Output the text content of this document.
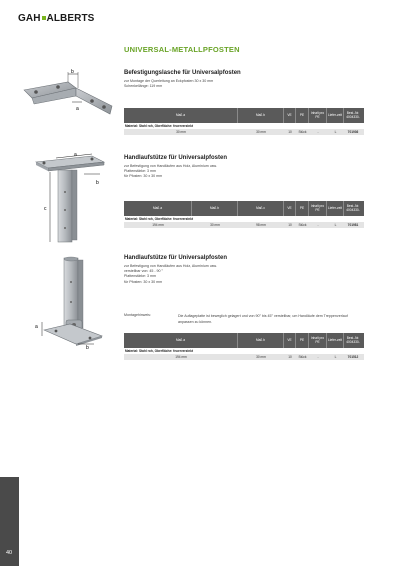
GAH ALBERTS
UNIVERSAL-METALLPFOSTEN
b
a
Befestigungslasche für Universalpfosten
zur Montage der Querleitung an Eckpfosten 30 x 30 mm
Schenkellänge: 119 mm
Maß a	Maß b	VE	PE	Inhalt pro PE	Liefer-zeit	Best.-Nr. 4004330-
Material: Stahl roh, Oberfläche: feuerverzinkt
30 mm	30 mm	10	Stück	-	L	701936
a
b
c
Handlaufstütze für Universalpfosten
zur Befestigung von Handläufen aus Holz, Aluminium usw.
Plattenstärke: 3 mm
für Pfosten: 30 x 30 mm
Maß a	Maß b	Maß c	VE	PE	Inhalt pro PE	Liefer-zeit	Best.-Nr. 4004330-
Material: Stahl roh, Oberfläche: feuerverzinkt
194 mm	30 mm	98 mm	10	Stück	-	L	701981
a
b
Handlaufstütze für Universalpfosten
zur Befestigung von Handläufen aus Holz, Aluminium usw.
verstellbar von: 45 - 90 °
Plattenstärke: 3 mm
für Pfosten: 30 x 30 mm
Montagehinweis:	Die Auflageplatte ist beweglich gelagert und von 90° bis 45° verstellbar, um Handläufe dem Treppenverlauf
anpassen zu können.
Maß a	Maß b	VE	PE	Inhalt pro PE	Liefer-zeit	Best.-Nr. 4004330-
Material: Stahl roh, Oberfläche: feuerverzinkt
194 mm	30 mm	10	Stück	-	L	701512
40
